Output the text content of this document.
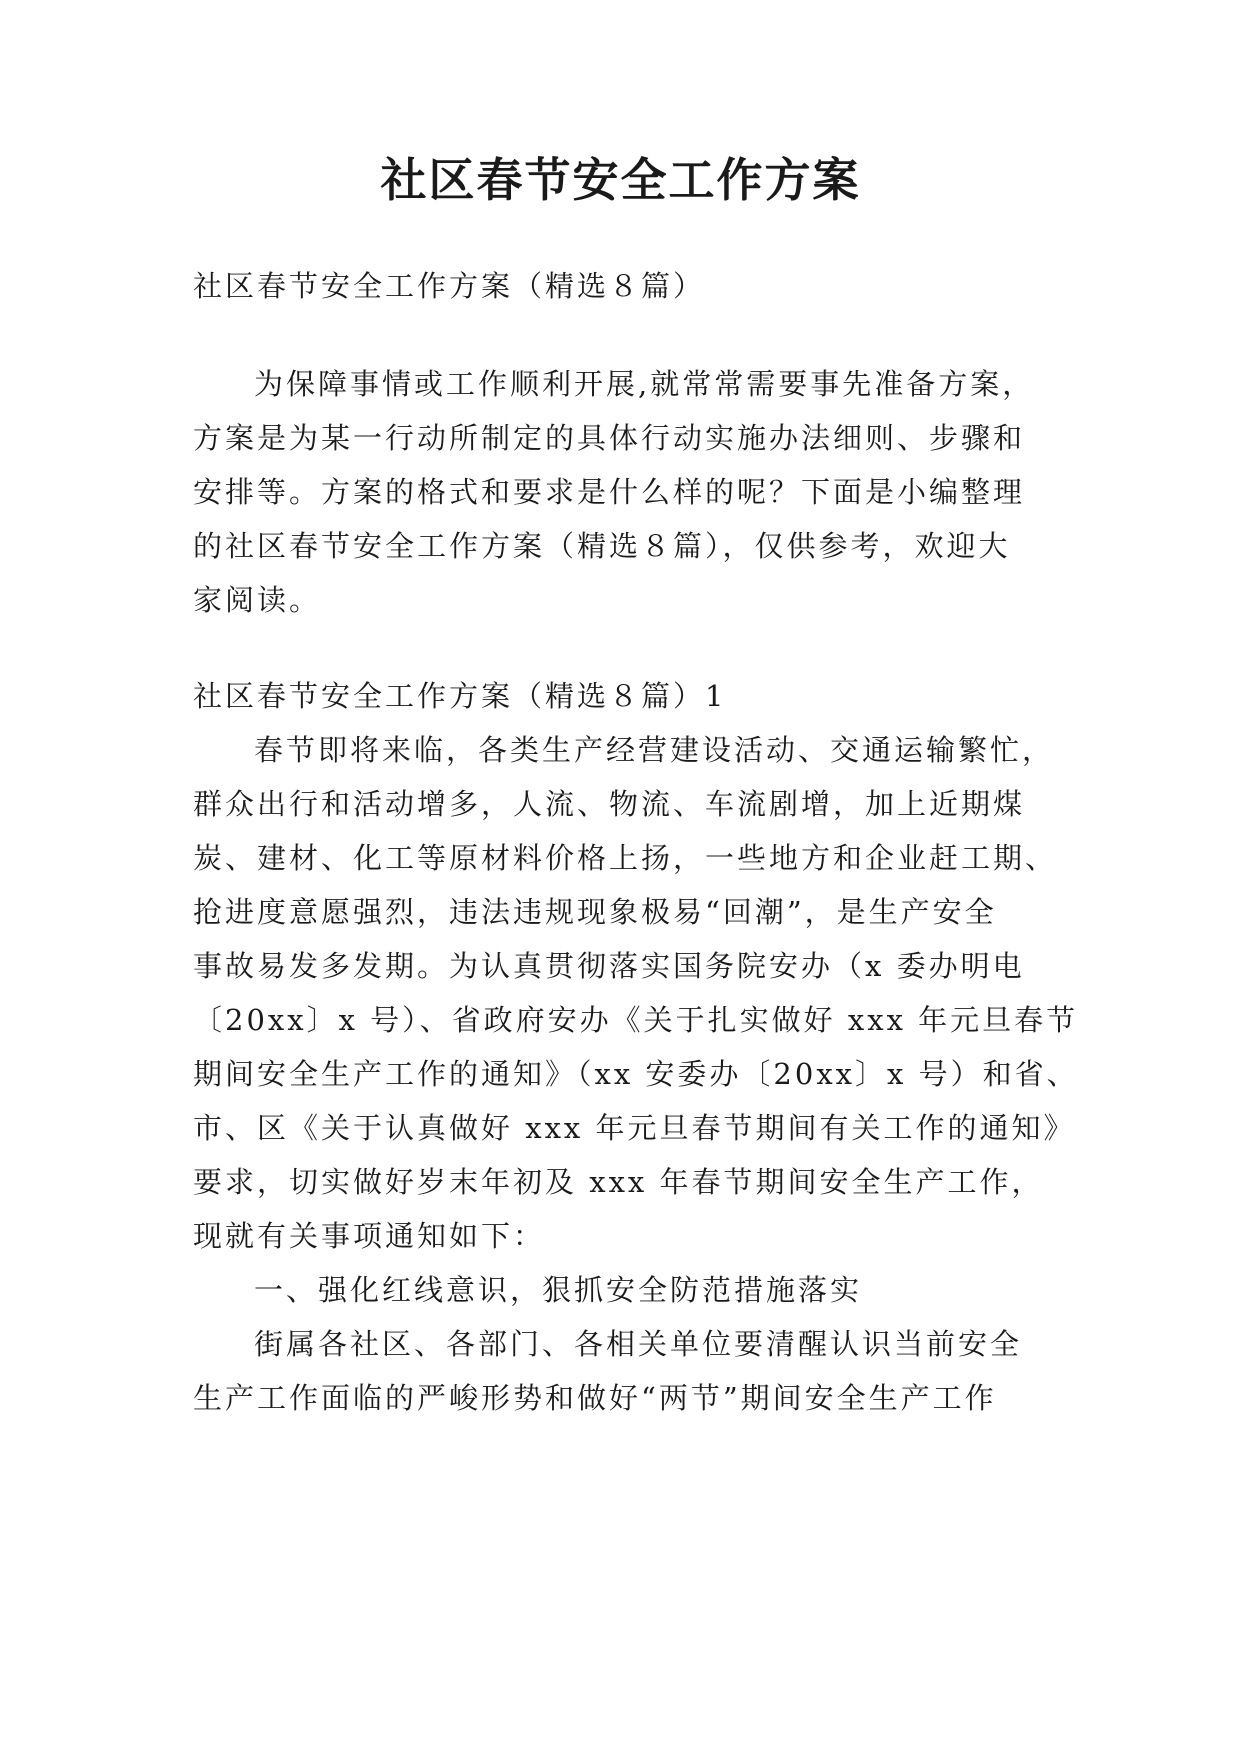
社区春节安全工作方案
社区春节安全工作方案（精选８篇）
为保障事情或工作顺利开展,就常常需要事先准备方案，
方案是为某一行动所制定的具体行动实施办法细则、步骤和
安排等。方案的格式和要求是什么样的呢？下面是小编整理
的社区春节安全工作方案（精选８篇），仅供参考，欢迎大
家阅读。
社区春节安全工作方案（精选８篇）1
春节即将来临，各类生产经营建设活动、交通运输繁忙，
群众出行和活动增多，人流、物流、车流剧增，加上近期煤
炭、建材、化工等原材料价格上扬，一些地方和企业赶工期、
抢进度意愿强烈，违法违规现象极易“回潮”，是生产安全
事故易发多发期。为认真贯彻落实国务院安办（x 委办明电
〔20xx〕x 号）、省政府安办《关于扎实做好 xxx 年元旦春节
期间安全生产工作的通知》（xx 安委办〔20xx〕x 号）和省、
市、区《关于认真做好 xxx 年元旦春节期间有关工作的通知》
要求，切实做好岁末年初及 xxx 年春节期间安全生产工作，
现就有关事项通知如下：
一、强化红线意识，狠抓安全防范措施落实
街属各社区、各部门、各相关单位要清醒认识当前安全
生产工作面临的严峻形势和做好“两节”期间安全生产工作
